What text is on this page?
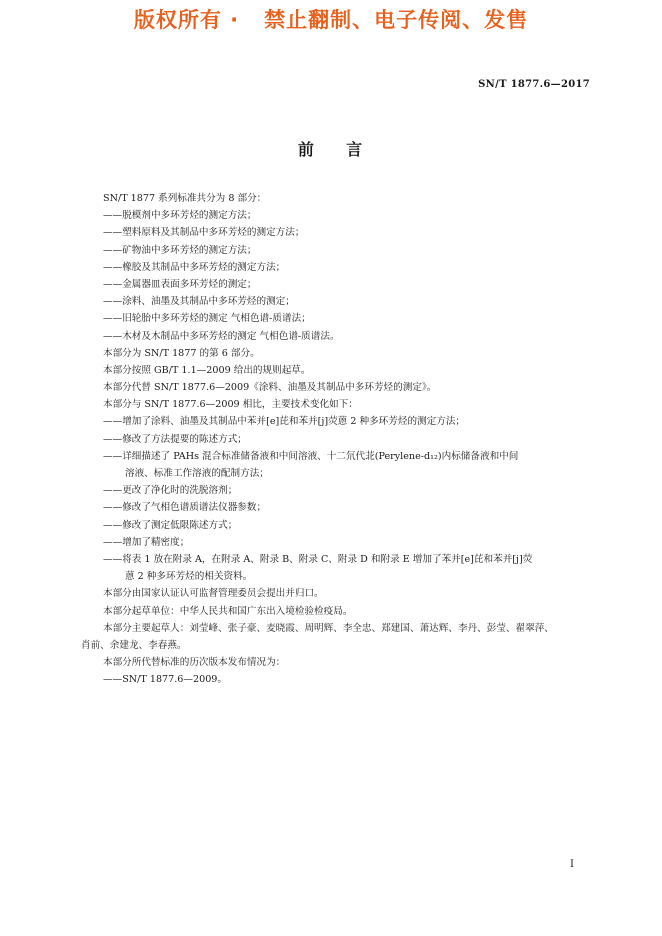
版权所有 ·   禁止翻制、电子传阅、发售
SN/T 1877.6—2017
前    言
SN/T 1877 系列标准共分为 8 部分：
——脱模剂中多环芳烃的测定方法；
——塑料原料及其制品中多环芳烃的测定方法；
——矿物油中多环芳烃的测定方法；
——橡胶及其制品中多环芳烃的测定方法；
——金属器皿表面多环芳烃的测定；
——涂料、油墨及其制品中多环芳烃的测定；
——旧轮胎中多环芳烃的测定 气相色谱-质谱法；
——木材及木制品中多环芳烃的测定 气相色谱-质谱法。
本部分为 SN/T 1877 的第 6 部分。
本部分按照 GB/T 1.1—2009 给出的规则起草。
本部分代替 SN/T 1877.6—2009《涂料、油墨及其制品中多环芳烃的测定》。
本部分与 SN/T 1877.6—2009 相比，主要技术变化如下：
——增加了涂料、油墨及其制品中苯并[e]芘和苯并[j]荧蒽 2 种多环芳烃的测定方法；
——修改了方法提要的陈述方式；
——详细描述了 PAHs 混合标准储备液和中间溶液、十二氘代苝(Perylene-d₁₂)内标储备液和中间
溶液、标准工作溶液的配制方法；
——更改了净化时的洗脱溶剂；
——修改了气相色谱质谱法仪器参数；
——修改了测定低限陈述方式；
——增加了精密度；
——将表 1 放在附录 A，在附录 A、附录 B、附录 C、附录 D 和附录 E 增加了苯并[e]芘和苯并[j]荧
蒽 2 种多环芳烃的相关资料。
本部分由国家认证认可监督管理委员会提出并归口。
本部分起草单位：中华人民共和国广东出入境检验检疫局。
本部分主要起草人：刘莹峰、张子豪、麦晓霞、周明辉、李全忠、郑建国、萧达辉、李丹、彭莹、翟翠萍、
肖前、余建龙、李春燕。
本部分所代替标准的历次版本发布情况为：
——SN/T 1877.6—2009。
I
